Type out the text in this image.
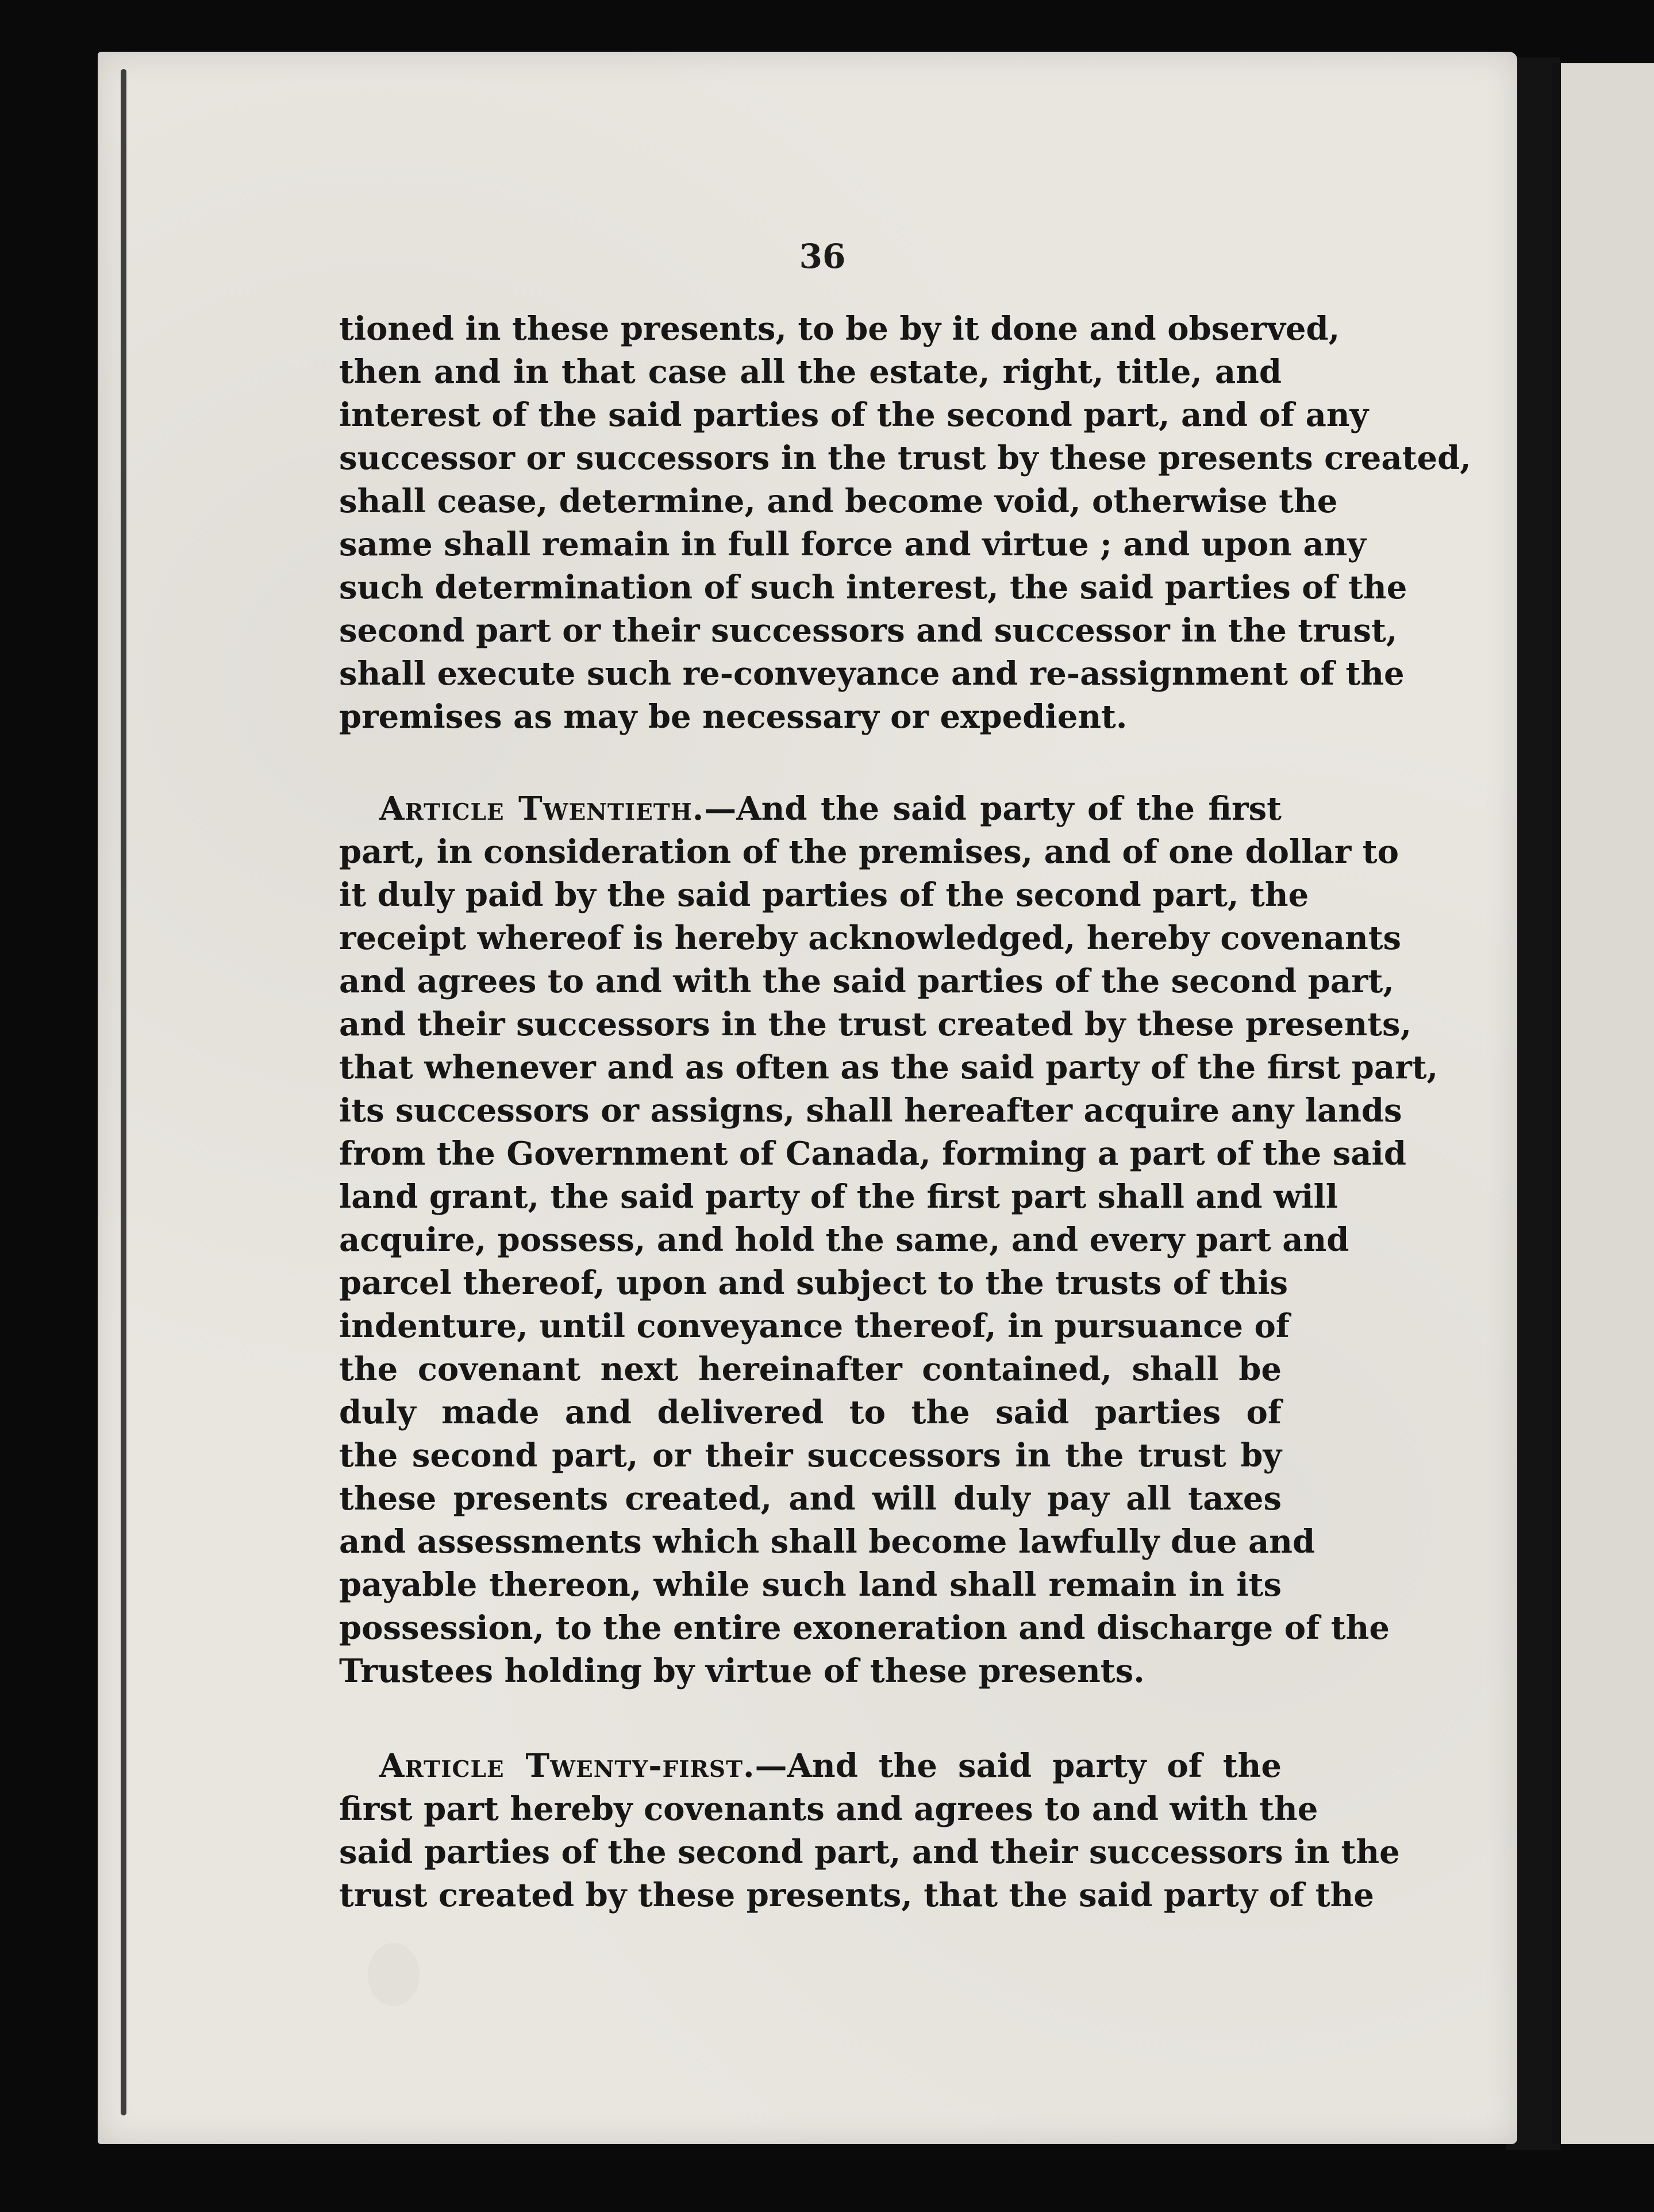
36
tioned in these presents, to be by it done and observed,
then and in that case all the estate, right, title, and
interest of the said parties of the second part, and of any
successor or successors in the trust by these presents created,
shall cease, determine, and become void, otherwise the
same shall remain in full force and virtue ; and upon any
such determination of such interest, the said parties of the
second part or their successors and successor in the trust,
shall execute such re-conveyance and re-assignment of the
premises as may be necessary or expedient.
Article Twentieth.—And the said party of the first
part, in consideration of the premises, and of one dollar to
it duly paid by the said parties of the second part, the
receipt whereof is hereby acknowledged, hereby covenants
and agrees to and with the said parties of the second part,
and their successors in the trust created by these presents,
that whenever and as often as the said party of the first part,
its successors or assigns, shall hereafter acquire any lands
from the Government of Canada, forming a part of the said
land grant, the said party of the first part shall and will
acquire, possess, and hold the same, and every part and
parcel thereof, upon and subject to the trusts of this
indenture, until conveyance thereof, in pursuance of
the covenant next hereinafter contained, shall be
duly made and delivered to the said parties of
the second part, or their successors in the trust by
these presents created, and will duly pay all taxes
and assessments which shall become lawfully due and
payable thereon, while such land shall remain in its
possession, to the entire exoneration and discharge of the
Trustees holding by virtue of these presents.
Article Twenty-first.—And the said party of the
first part hereby covenants and agrees to and with the
said parties of the second part, and their successors in the
trust created by these presents, that the said party of the
